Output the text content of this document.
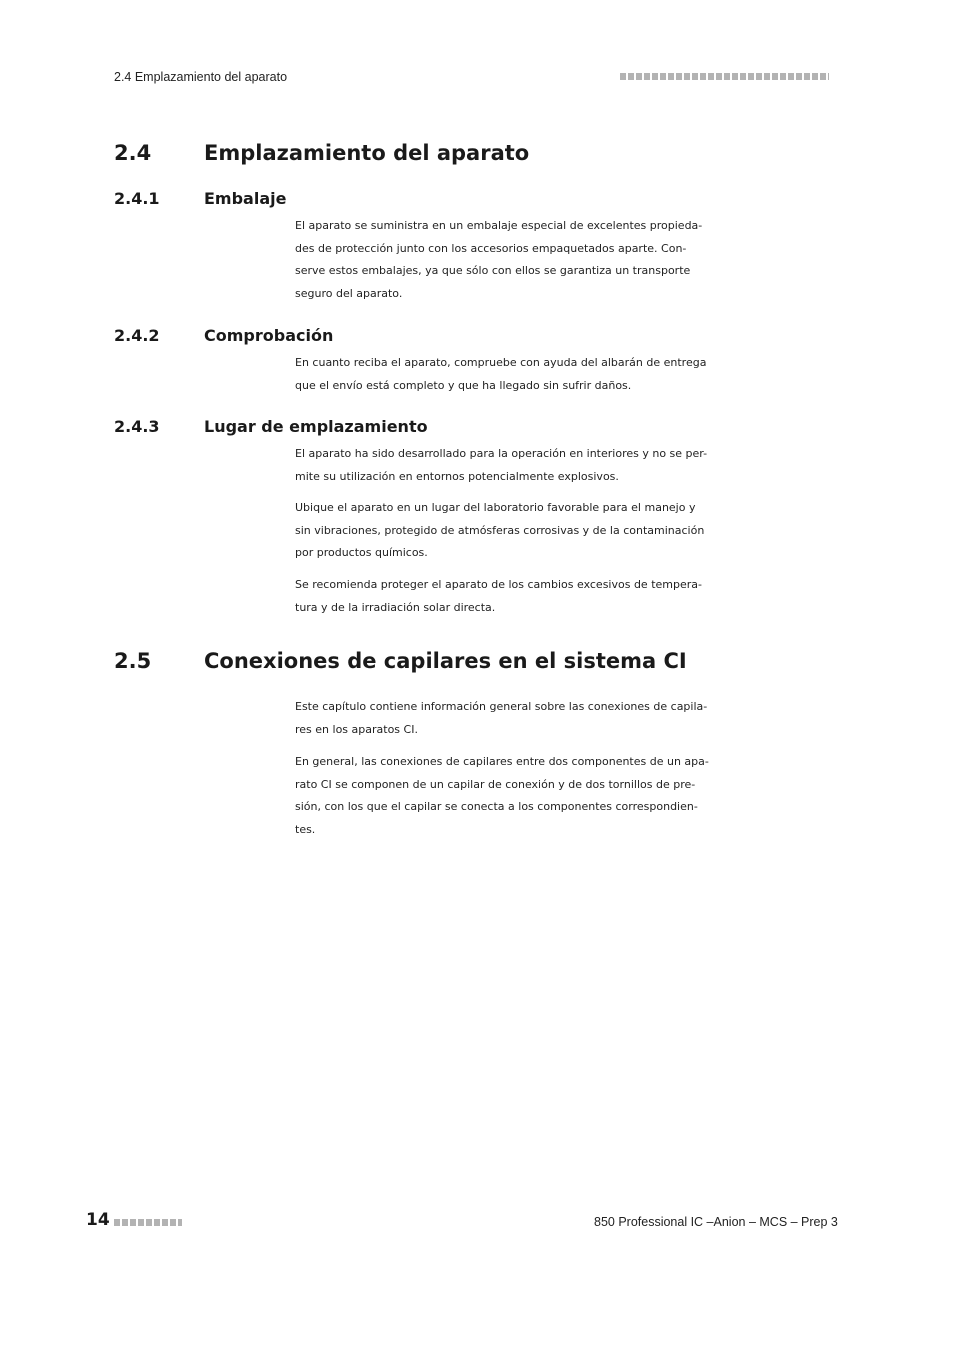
2.4 Emplazamiento del aparato
2.4	Emplazamiento del aparato
2.4.1	Embalaje

El aparato se suministra en un embalaje especial de excelentes propieda-
des de protección junto con los accesorios empaquetados aparte. Con-
serve estos embalajes, ya que sólo con ellos se garantiza un transporte
seguro del aparato.

2.4.2	Comprobación

En cuanto reciba el aparato, compruebe con ayuda del albarán de entrega
que el envío está completo y que ha llegado sin sufrir daños.

2.4.3	Lugar de emplazamiento

El aparato ha sido desarrollado para la operación en interiores y no se per-
mite su utilización en entornos potencialmente explosivos.

Ubique el aparato en un lugar del laboratorio favorable para el manejo y
sin vibraciones, protegido de atmósferas corrosivas y de la contaminación
por productos químicos.

Se recomienda proteger el aparato de los cambios excesivos de tempera-
tura y de la irradiación solar directa.

2.5	Conexiones de capilares en el sistema CI

Este capítulo contiene información general sobre las conexiones de capila-
res en los aparatos CI.

En general, las conexiones de capilares entre dos componentes de un apa-
rato CI se componen de un capilar de conexión y de dos tornillos de pre-
sión, con los que el capilar se conecta a los componentes correspondien-
tes.

14	850 Professional IC –Anion – MCS – Prep 3
